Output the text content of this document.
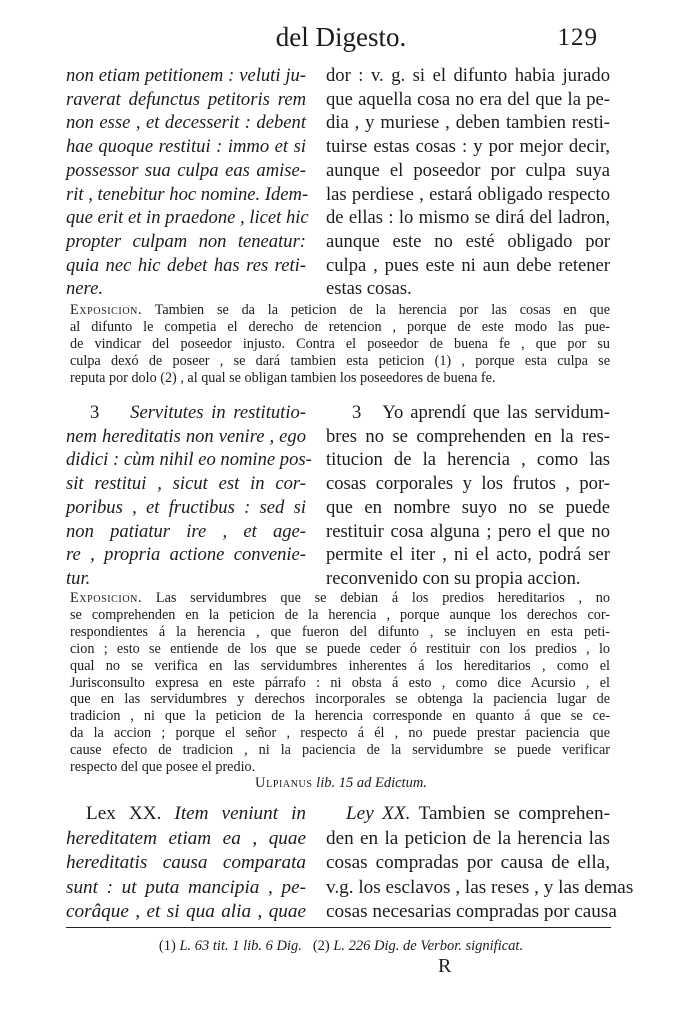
del Digesto.	129
non etiam petitionem : veluti ju-
raverat defunctus petitoris rem
non esse , et decesserit : debent
hae quoque restitui : immo et si
possessor sua culpa eas amise-
rit , tenebitur hoc nomine. Idem-
que erit et in praedone , licet hic
propter culpam non teneatur:
quia nec hic debet has res reti-
nere.
dor : v. g. si el difunto habia jurado
que aquella cosa no era del que la pe-
dia , y muriese , deben tambien resti-
tuirse estas cosas : y por mejor decir,
aunque el poseedor por culpa suya
las perdiese , estará obligado respecto
de ellas : lo mismo se dirá del ladron,
aunque este no esté obligado por
culpa , pues este ni aun debe retener
estas cosas.
Exposicion. Tambien se da la peticion de la herencia por las cosas en que
al difunto le competia el derecho de retencion , porque de este modo las pue-
de vindicar del poseedor injusto. Contra el poseedor de buena fe , que por su
culpa dexó de poseer , se dará tambien esta peticion (1) , porque esta culpa se
reputa por dolo (2) , al qual se obligan tambien los poseedores de buena fe.
3 Servitutes in restitutio-
nem hereditatis non venire , ego
didici : cùm nihil eo nomine pos-
sit restitui , sicut est in cor-
poribus , et fructibus : sed si
non patiatur ire , et age-
re , propria actione convenie-
tur.
3 Yo aprendí que las servidum-
bres no se comprehenden en la res-
titucion de la herencia , como las
cosas corporales y los frutos , por-
que en nombre suyo no se puede
restituir cosa alguna ; pero el que no
permite el iter , ni el acto, podrá ser
reconvenido con su propia accion.
Exposicion. Las servidumbres que se debian á los predios hereditarios , no
se comprehenden en la peticion de la herencia , porque aunque los derechos cor-
respondientes á la herencia , que fueron del difunto , se incluyen en esta peti-
cion ; esto se entiende de los que se puede ceder ó restituir con los predios , lo
qual no se verifica en las servidumbres inherentes á los hereditarios , como el
Jurisconsulto expresa en este párrafo : ni obsta á esto , como dice Acursio , el
que en las servidumbres y derechos incorporales se obtenga la paciencia lugar de
tradicion , ni que la peticion de la herencia corresponde en quanto á que se ce-
da la accion ; porque el señor , respecto á él , no puede prestar paciencia que
cause efecto de tradicion , ni la paciencia de la servidumbre se puede verificar
respecto del que posee el predio.
Ulpianus lib. 15 ad Edictum.
Lex XX. Item veniunt in
hereditatem etiam ea , quae
hereditatis causa comparata
sunt : ut puta mancipia , pe-
corâque , et si qua alia , quae
Ley XX. Tambien se comprehen-
den en la peticion de la herencia las
cosas compradas por causa de ella,
v.g. los esclavos , las reses , y las demas
cosas necesarias compradas por causa
(1) L. 63 tit. 1 lib. 6 Dig. (2) L. 226 Dig. de Verbor. significat.
R
